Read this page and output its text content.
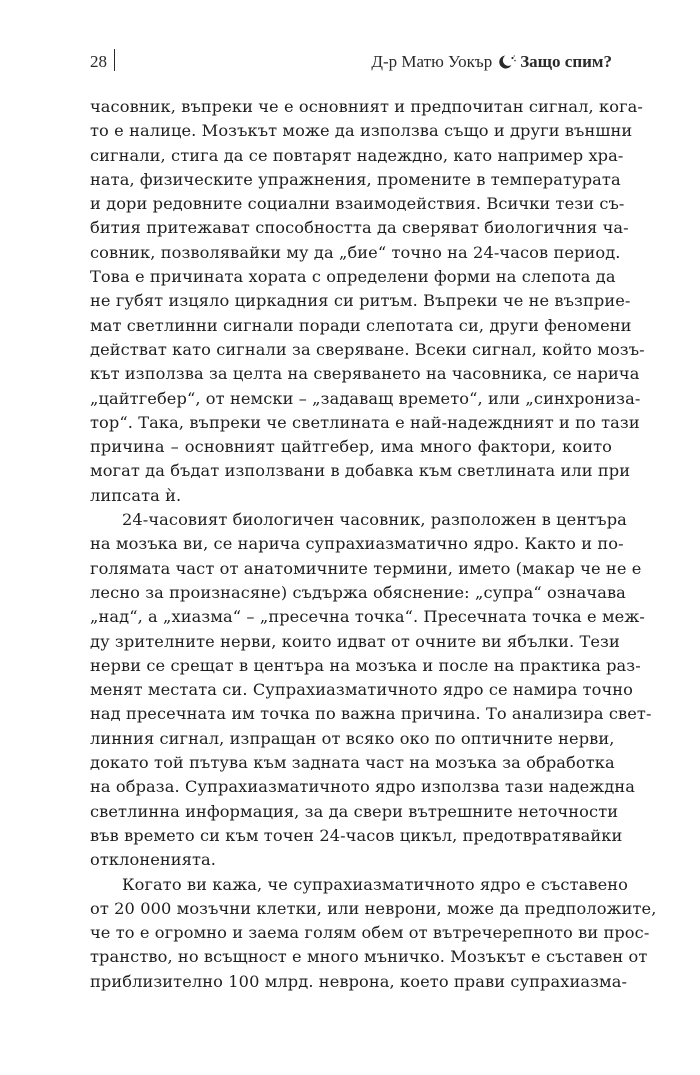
28	Д-р Матю Уокър Защо спим?
часовник, въпреки че е основният и предпочитан сигнал, кога-
то е налице. Мозъкът може да използва също и други външни
сигнали, стига да се повтарят надеждно, като например хра-
ната, физическите упражнения, промените в температурата
и дори редовните социални взаимодействия. Всички тези съ-
бития притежават способността да сверяват биологичния ча-
совник, позволявайки му да „бие“ точно на 24-часов период.
Това е причината хората с определени форми на слепота да
не губят изцяло циркадния си ритъм. Въпреки че не възприе-
мат светлинни сигнали поради слепотата си, други феномени
действат като сигнали за сверяване. Всеки сигнал, който мозъ-
кът използва за целта на сверяването на часовника, се нарича
„цайтгебер“, от немски – „задаващ времето“, или „синхронизa-
тор“. Така, въпреки че светлината е най-надеждният и по тази
причина – основният цайтгебер, има много фактори, които
могат да бъдат използвани в добавка към светлината или при
липсата ѝ.
24-часовият биологичен часовник, разположен в центъра
на мозъка ви, се нарича супрахиазматично ядро. Както и по-
голямата част от анатомичните термини, името (макар че не е
лесно за произнасяне) съдържа обяснение: „супра“ означава
„над“, а „хиазма“ – „пресечна точка“. Пресечната точка е меж-
ду зрителните нерви, които идват от очните ви ябълки. Тези
нерви се срещат в центъра на мозъка и после на практика раз-
менят местата си. Супрахиазматичното ядро се намира точно
над пресечната им точка по важна причина. То анализира свет-
линния сигнал, изпращан от всяко око по оптичните нерви,
докато той пътува към задната част на мозъка за обработка
на образа. Супрахиазматичното ядро използва тази надеждна
светлинна информация, за да свери вътрешните неточности
във времето си към точен 24-часов цикъл, предотвратявайки
отклоненията.
Когато ви кажа, че супрахиазматичното ядро е съставено
от 20 000 мозъчни клетки, или неврони, може да предположите,
че то е огромно и заема голям обем от вътречерепното ви прос-
транство, но всъщност е много мъничко. Мозъкът е съставен от
приблизително 100 млрд. неврона, което прави супрахиазма-
